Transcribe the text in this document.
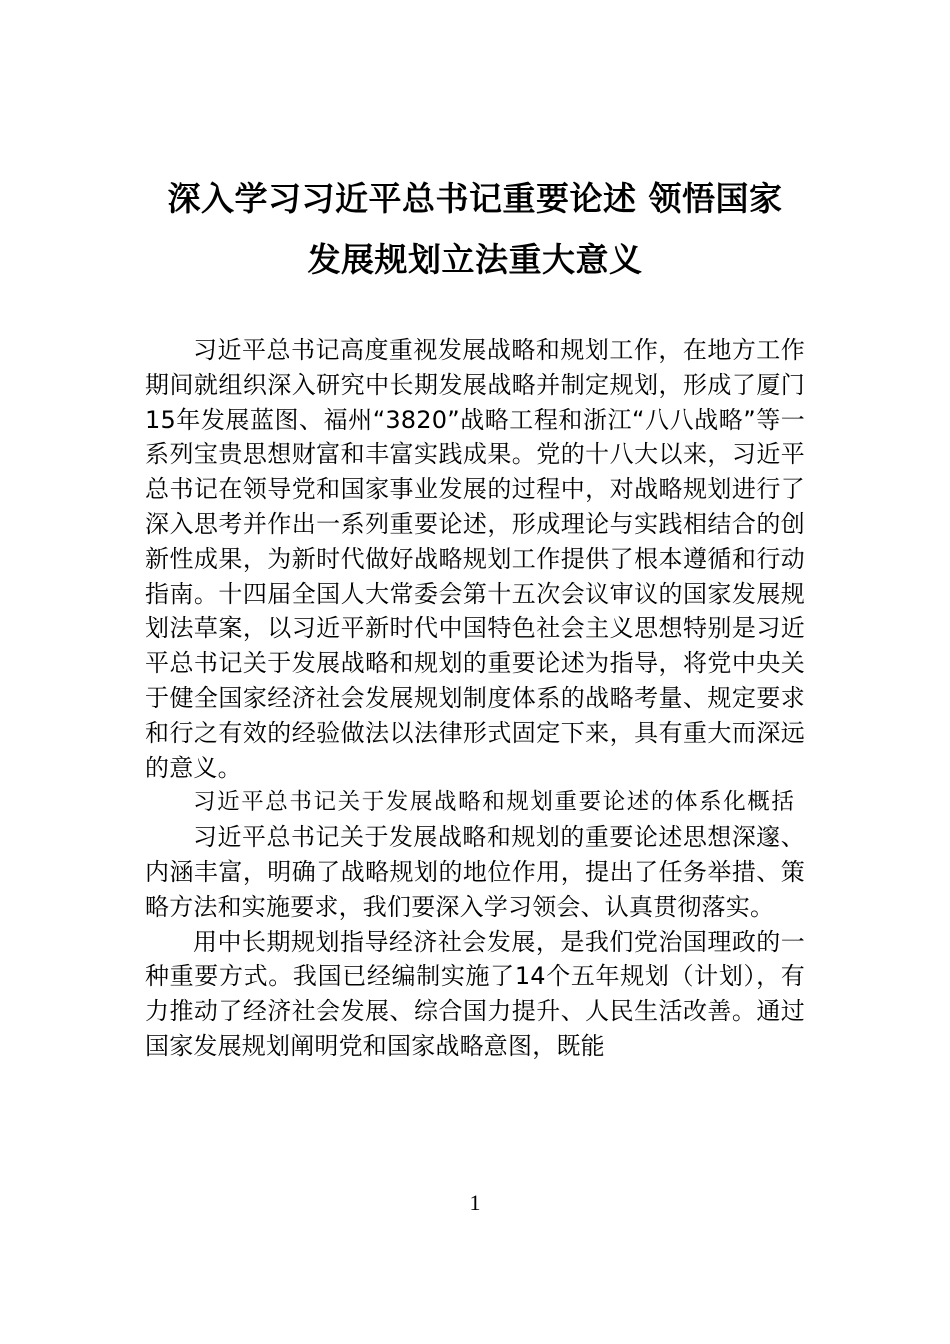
深入学习习近平总书记重要论述 领悟国家
发展规划立法重大意义

习近平总书记高度重视发展战略和规划工作，在地方工作期间就组织深入研究中长期发展战略并制定规划，形成了厦门15年发展蓝图、福州“3820”战略工程和浙江“八八战略”等一系列宝贵思想财富和丰富实践成果。党的十八大以来，习近平总书记在领导党和国家事业发展的过程中，对战略规划进行了深入思考并作出一系列重要论述，形成理论与实践相结合的创新性成果，为新时代做好战略规划工作提供了根本遵循和行动指南。十四届全国人大常委会第十五次会议审议的国家发展规划法草案，以习近平新时代中国特色社会主义思想特别是习近平总书记关于发展战略和规划的重要论述为指导，将党中央关于健全国家经济社会发展规划制度体系的战略考量、规定要求和行之有效的经验做法以法律形式固定下来，具有重大而深远的意义。

习近平总书记关于发展战略和规划重要论述的体系化概括

习近平总书记关于发展战略和规划的重要论述思想深邃、内涵丰富，明确了战略规划的地位作用，提出了任务举措、策略方法和实施要求，我们要深入学习领会、认真贯彻落实。

用中长期规划指导经济社会发展，是我们党治国理政的一种重要方式。我国已经编制实施了14个五年规划（计划），有力推动了经济社会发展、综合国力提升、人民生活改善。通过国家发展规划阐明党和国家战略意图，既能

1
